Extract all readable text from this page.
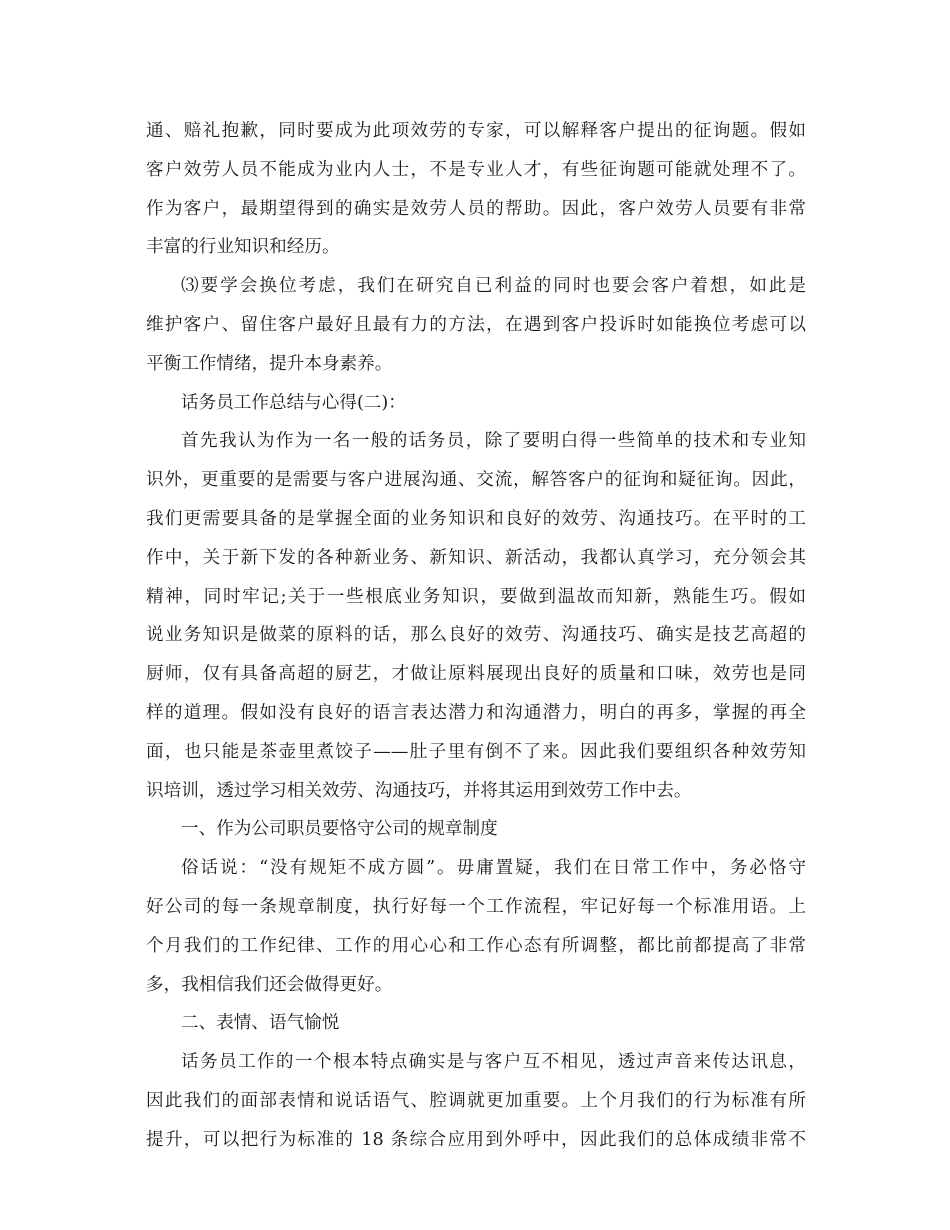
通、赔礼抱歉，同时要成为此项效劳的专家，可以解释客户提出的征询题。假如
客户效劳人员不能成为业内人士，不是专业人才，有些征询题可能就处理不了。
作为客户，最期望得到的确实是效劳人员的帮助。因此，客户效劳人员要有非常
丰富的行业知识和经历。
⑶要学会换位考虑，我们在研究自已利益的同时也要会客户着想，如此是
维护客户、留住客户最好且最有力的方法，在遇到客户投诉时如能换位考虑可以
平衡工作情绪，提升本身素养。
话务员工作总结与心得(二)：
首先我认为作为一名一般的话务员，除了要明白得一些简单的技术和专业知
识外，更重要的是需要与客户进展沟通、交流，解答客户的征询和疑征询。因此，
我们更需要具备的是掌握全面的业务知识和良好的效劳、沟通技巧。在平时的工
作中，关于新下发的各种新业务、新知识、新活动，我都认真学习，充分领会其
精神，同时牢记;关于一些根底业务知识，要做到温故而知新，熟能生巧。假如
说业务知识是做菜的原料的话，那么良好的效劳、沟通技巧、确实是技艺高超的
厨师，仅有具备高超的厨艺，才做让原料展现出良好的质量和口味，效劳也是同
样的道理。假如没有良好的语言表达潜力和沟通潜力，明白的再多，掌握的再全
面，也只能是茶壶里煮饺子——肚子里有倒不了来。因此我们要组织各种效劳知
识培训，透过学习相关效劳、沟通技巧，并将其运用到效劳工作中去。
一、作为公司职员要恪守公司的规章制度
俗话说：“没有规矩不成方圆”。毋庸置疑，我们在日常工作中，务必恪守
好公司的每一条规章制度，执行好每一个工作流程，牢记好每一个标准用语。上
个月我们的工作纪律、工作的用心心和工作心态有所调整，都比前都提高了非常
多，我相信我们还会做得更好。
二、表情、语气愉悦
话务员工作的一个根本特点确实是与客户互不相见，透过声音来传达讯息，
因此我们的面部表情和说话语气、腔调就更加重要。上个月我们的行为标准有所
提升，可以把行为标准的 18 条综合应用到外呼中，因此我们的总体成绩非常不
